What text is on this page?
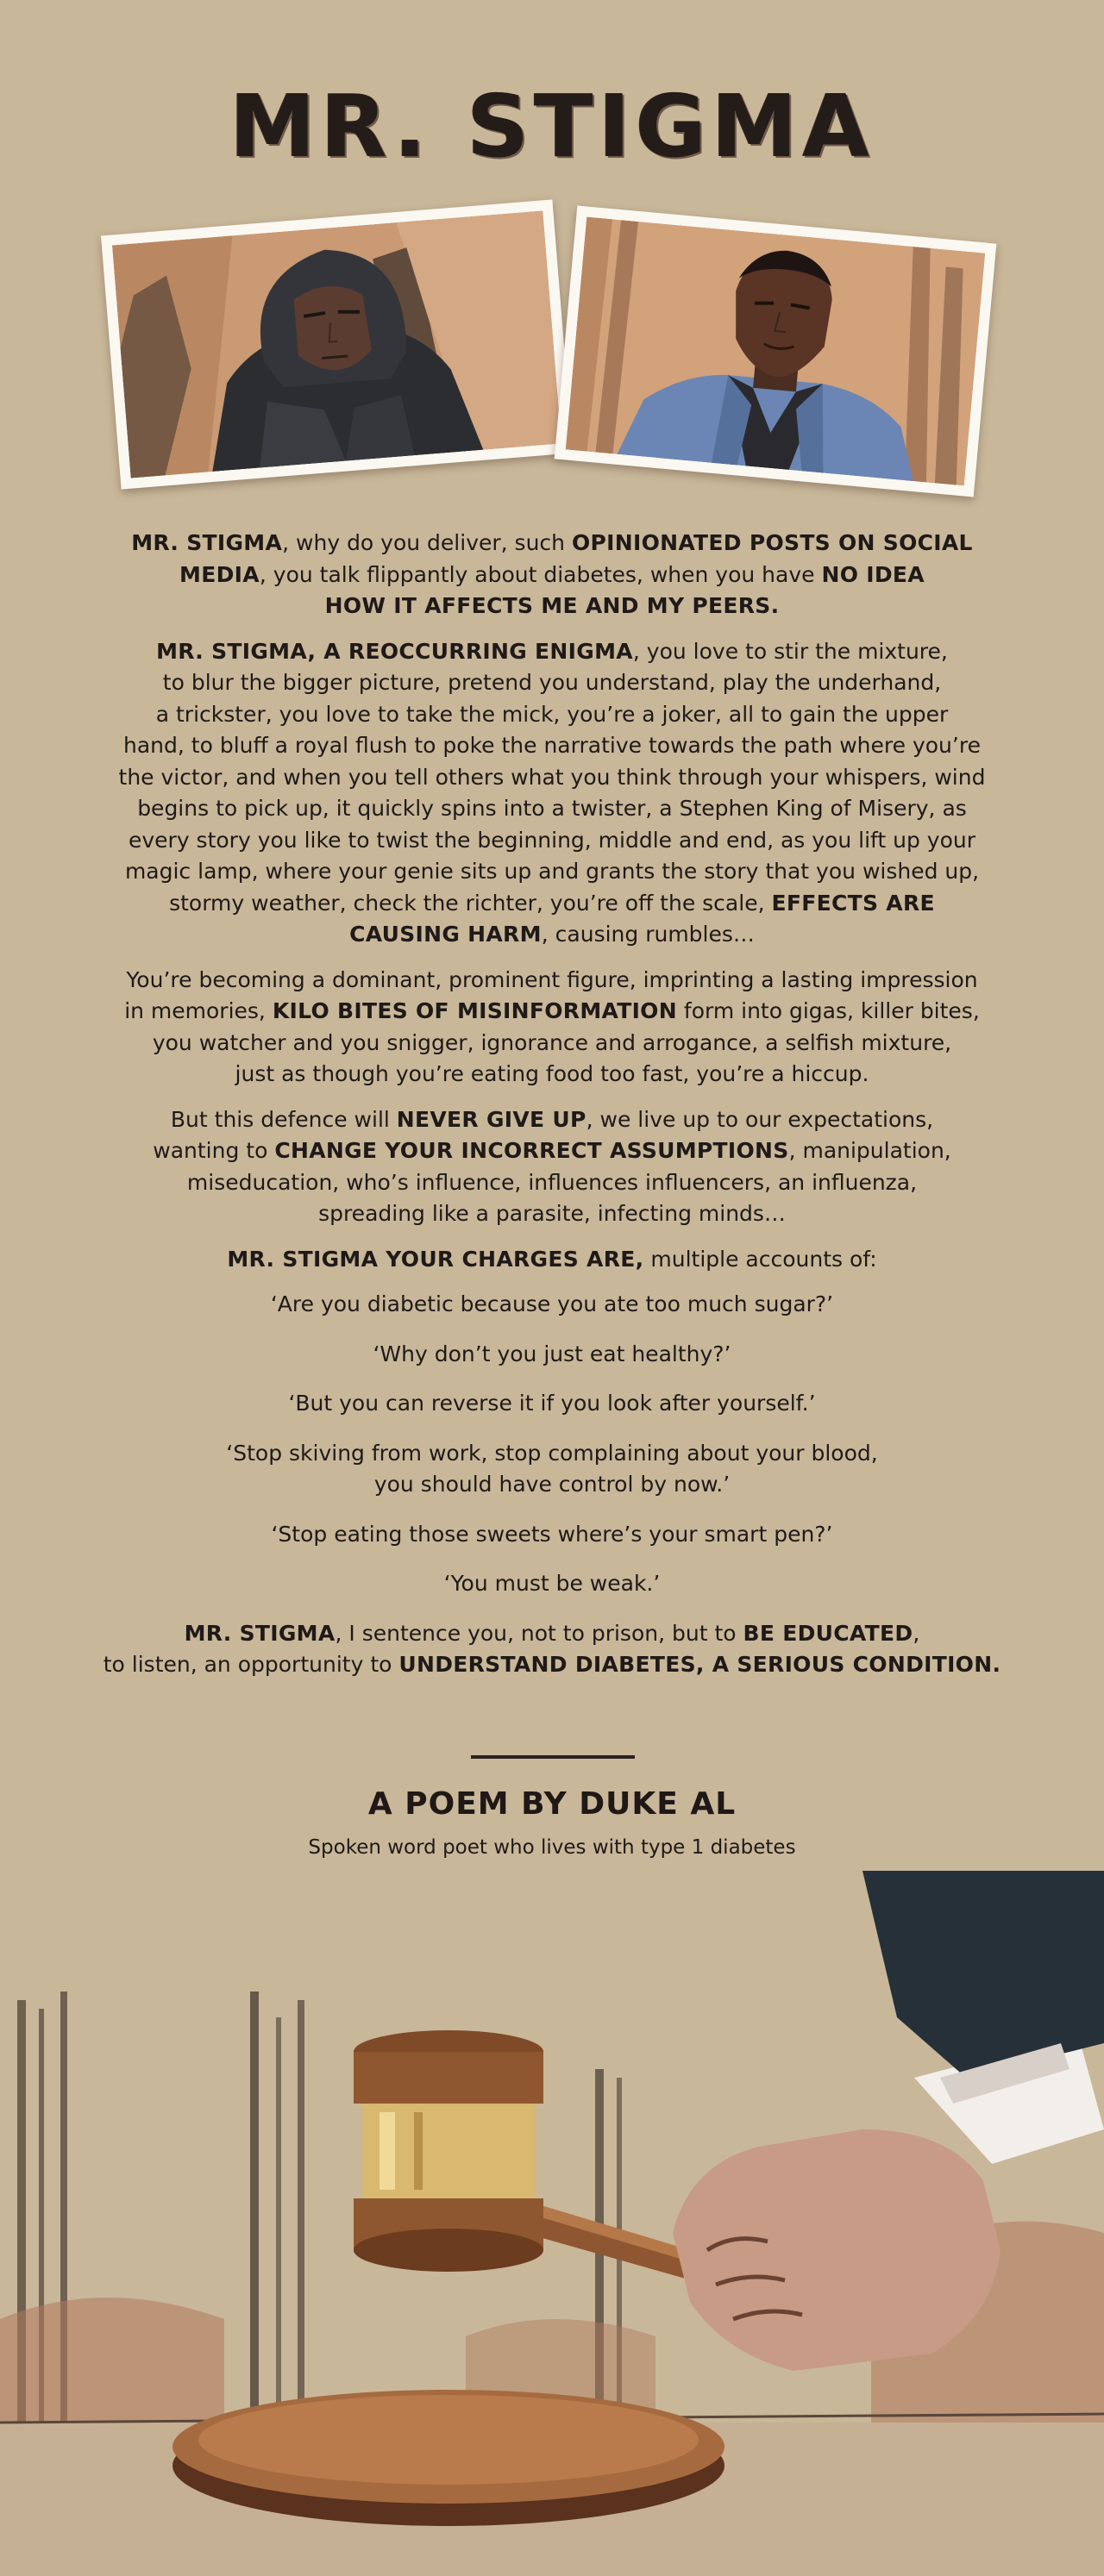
MR. STIGMA

MR. STIGMA, why do you deliver, such OPINIONATED POSTS ON SOCIAL
MEDIA, you talk flippantly about diabetes, when you have NO IDEA
HOW IT AFFECTS ME AND MY PEERS.

MR. STIGMA, A REOCCURRING ENIGMA, you love to stir the mixture,
to blur the bigger picture, pretend you understand, play the underhand,
a trickster, you love to take the mick, you’re a joker, all to gain the upper
hand, to bluff a royal flush to poke the narrative towards the path where you’re
the victor, and when you tell others what you think through your whispers, wind
begins to pick up, it quickly spins into a twister, a Stephen King of Misery, as
every story you like to twist the beginning, middle and end, as you lift up your
magic lamp, where your genie sits up and grants the story that you wished up,
stormy weather, check the richter, you’re off the scale, EFFECTS ARE
CAUSING HARM, causing rumbles…

You’re becoming a dominant, prominent figure, imprinting a lasting impression
in memories, KILO BITES OF MISINFORMATION form into gigas, killer bites,
you watcher and you snigger, ignorance and arrogance, a selfish mixture,
just as though you’re eating food too fast, you’re a hiccup.

But this defence will NEVER GIVE UP, we live up to our expectations,
wanting to CHANGE YOUR INCORRECT ASSUMPTIONS, manipulation,
miseducation, who’s influence, influences influencers, an influenza,
spreading like a parasite, infecting minds…

MR. STIGMA YOUR CHARGES ARE, multiple accounts of:

‘Are you diabetic because you ate too much sugar?’

‘Why don’t you just eat healthy?’

‘But you can reverse it if you look after yourself.’

‘Stop skiving from work, stop complaining about your blood,
you should have control by now.’

‘Stop eating those sweets where’s your smart pen?’

‘You must be weak.’

MR. STIGMA, I sentence you, not to prison, but to BE EDUCATED,
to listen, an opportunity to UNDERSTAND DIABETES, A SERIOUS CONDITION.

A POEM BY DUKE AL
Spoken word poet who lives with type 1 diabetes
